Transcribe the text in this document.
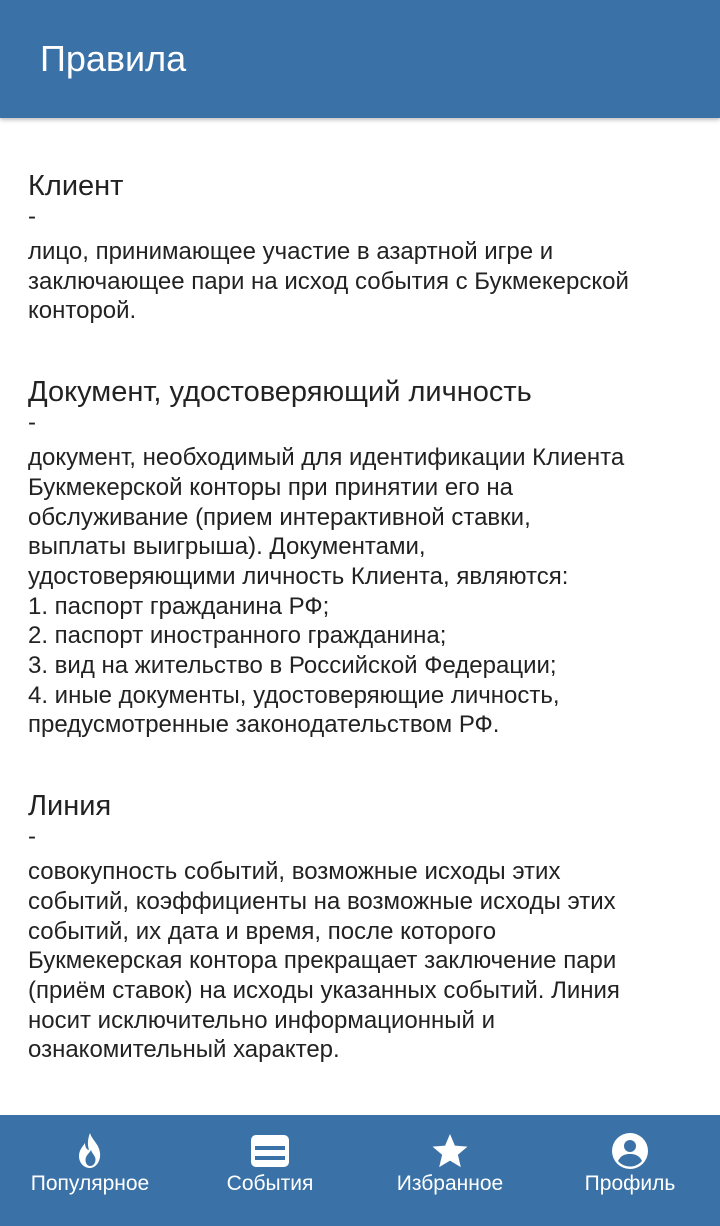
Правила
Клиент
-
лицо, принимающее участие в азартной игре и
заключающее пари на исход события с Букмекерской
конторой.
Документ, удостоверяющий личность
-
документ, необходимый для идентификации Клиента
Букмекерской конторы при принятии его на
обслуживание (прием интерактивной ставки,
выплаты выигрыша). Документами,
удостоверяющими личность Клиента, являются:
1. паспорт гражданина РФ;
2. паспорт иностранного гражданина;
3. вид на жительство в Российской Федерации;
4. иные документы, удостоверяющие личность,
предусмотренные законодательством РФ.
Линия
-
совокупность событий, возможные исходы этих
событий, коэффициенты на возможные исходы этих
событий, их дата и время, после которого
Букмекерская контора прекращает заключение пари
(приём ставок) на исходы указанных событий. Линия
носит исключительно информационный и
ознакомительный характер.
Популярное	События	Избранное	Профиль
